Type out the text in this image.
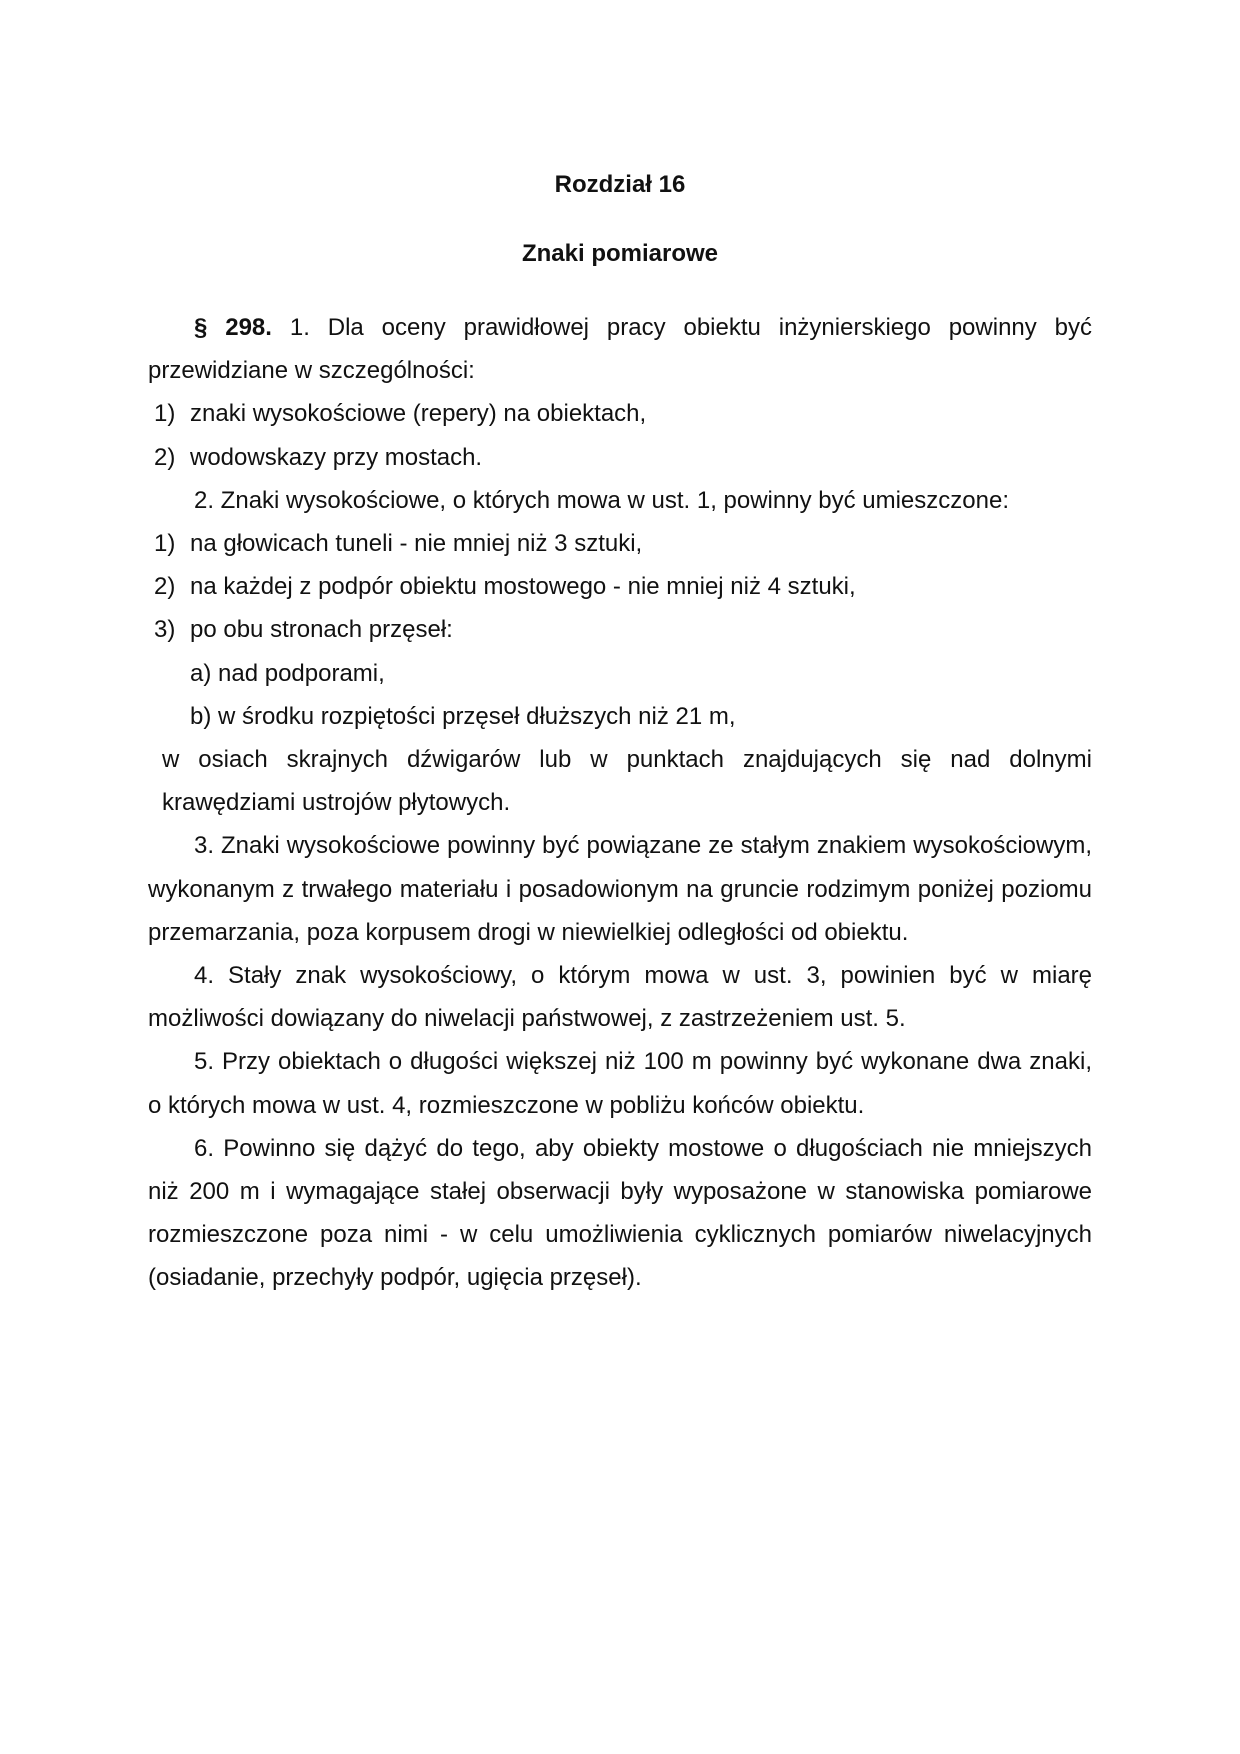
Rozdział 16
Znaki pomiarowe

§ 298. 1. Dla oceny prawidłowej pracy obiektu inżynierskiego powinny być przewidziane w szczególności:

1) znaki wysokościowe (repery) na obiektach,

2) wodowskazy przy mostach.

2. Znaki wysokościowe, o których mowa w ust. 1, powinny być umieszczone:

1) na głowicach tuneli - nie mniej niż 3 sztuki,

2) na każdej z podpór obiektu mostowego - nie mniej niż 4 sztuki,

3) po obu stronach przęseł:

a) nad podporami,

b) w środku rozpiętości przęseł dłuższych niż 21 m,

w osiach skrajnych dźwigarów lub w punktach znajdujących się nad dolnymi krawędziami ustrojów płytowych.

3. Znaki wysokościowe powinny być powiązane ze stałym znakiem wysokościowym, wykonanym z trwałego materiału i posadowionym na gruncie rodzimym poniżej poziomu przemarzania, poza korpusem drogi w niewielkiej odległości od obiektu.

4. Stały znak wysokościowy, o którym mowa w ust. 3, powinien być w miarę możliwości dowiązany do niwelacji państwowej, z zastrzeżeniem ust. 5.

5. Przy obiektach o długości większej niż 100 m powinny być wykonane dwa znaki, o których mowa w ust. 4, rozmieszczone w pobliżu końców obiektu.

6. Powinno się dążyć do tego, aby obiekty mostowe o długościach nie mniejszych niż 200 m i wymagające stałej obserwacji były wyposażone w stanowiska pomiarowe rozmieszczone poza nimi - w celu umożliwienia cyklicznych pomiarów niwelacyjnych (osiadanie, przechyły podpór, ugięcia przęseł).
